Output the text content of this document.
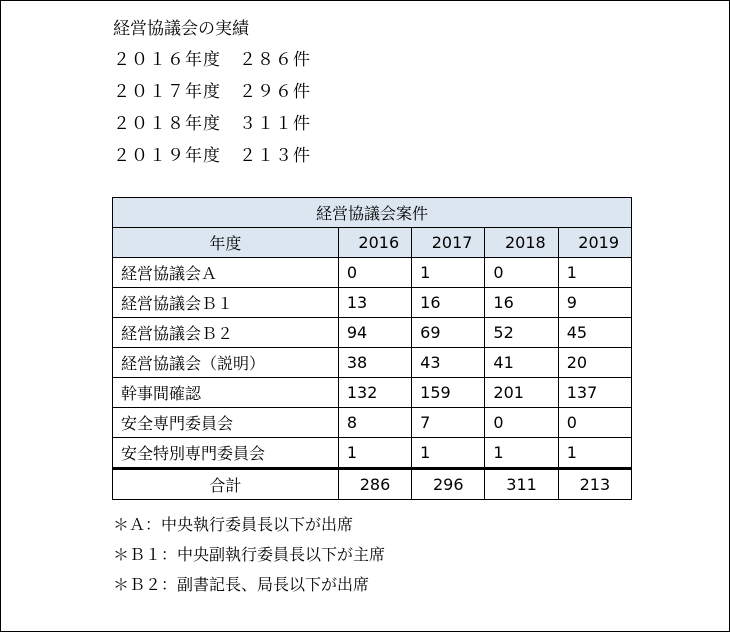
経営協議会の実績
２０１６年度　２８６件
２０１７年度　２９６件
２０１８年度　３１１件
２０１９年度　２１３件
経営協議会案件				
年度	2016	2017	2018	2019
経営協議会Ａ	0	1	0	1
経営協議会Ｂ１	13	16	16	9
経営協議会Ｂ２	94	69	52	45
経営協議会（説明）	38	43	41	20
幹事間確認	132	159	201	137
安全専門委員会	8	7	0	0
安全特別専門委員会	1	1	1	1
合計	286	296	311	213
＊Ａ：中央執行委員長以下が出席
＊Ｂ１：中央副執行委員長以下が主席
＊Ｂ２：副書記長、局長以下が出席
